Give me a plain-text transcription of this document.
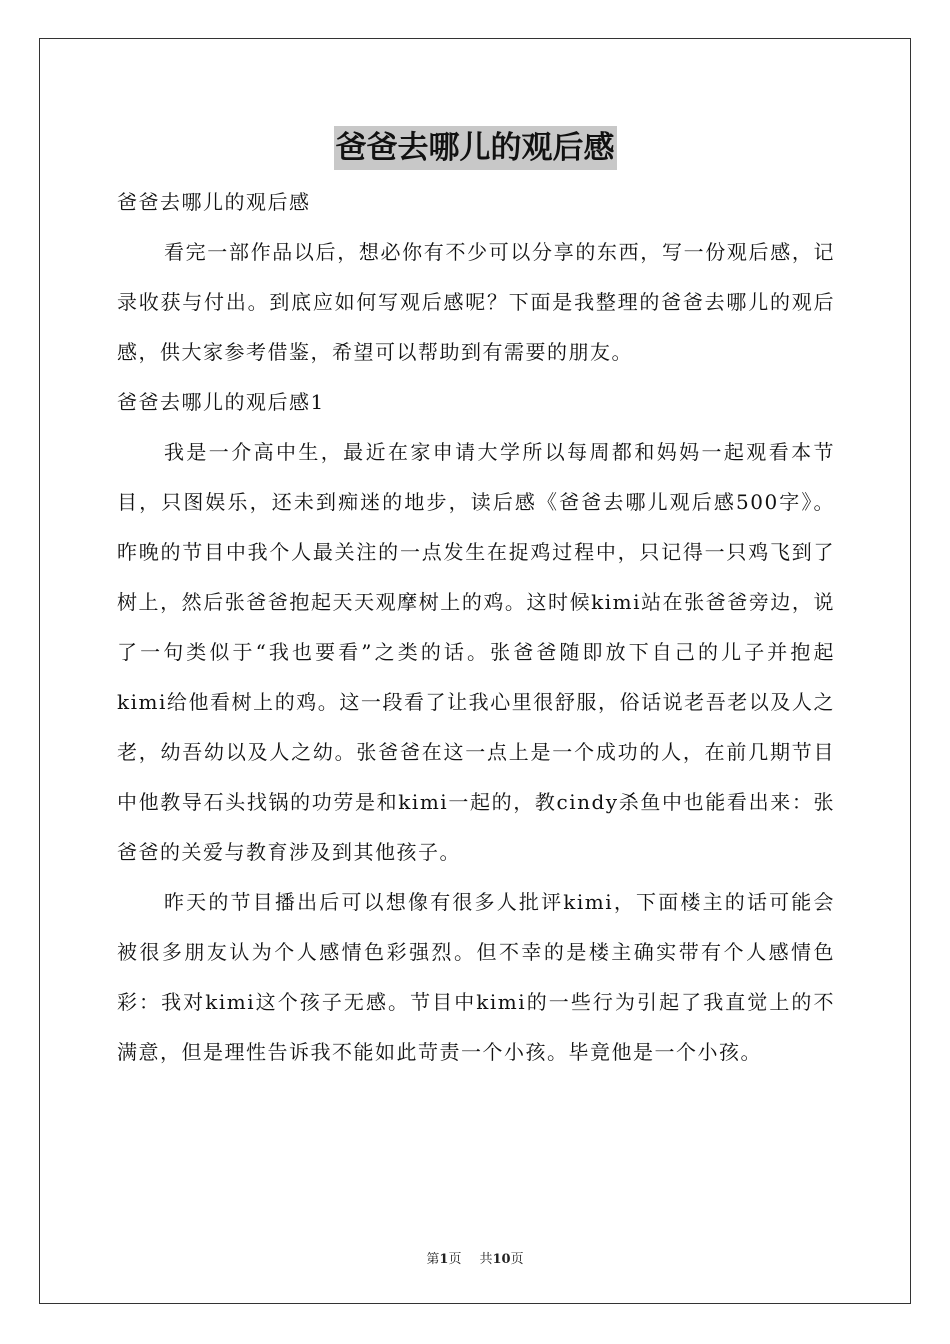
爸爸去哪儿的观后感

爸爸去哪儿的观后感

看完一部作品以后，想必你有不少可以分享的东西，写一份观后感，记录收获与付出。到底应如何写观后感呢？下面是我整理的爸爸去哪儿的观后感，供大家参考借鉴，希望可以帮助到有需要的朋友。

爸爸去哪儿的观后感1

我是一介高中生，最近在家申请大学所以每周都和妈妈一起观看本节目，只图娱乐，还未到痴迷的地步，读后感《爸爸去哪儿观后感500字》。昨晚的节目中我个人最关注的一点发生在捉鸡过程中，只记得一只鸡飞到了树上，然后张爸爸抱起天天观摩树上的鸡。这时候kimi站在张爸爸旁边，说了一句类似于“我也要看”之类的话。张爸爸随即放下自己的儿子并抱起kimi给他看树上的鸡。这一段看了让我心里很舒服，俗话说老吾老以及人之老，幼吾幼以及人之幼。张爸爸在这一点上是一个成功的人，在前几期节目中他教导石头找锅的功劳是和kimi一起的，教cindy杀鱼中也能看出来：张爸爸的关爱与教育涉及到其他孩子。

昨天的节目播出后可以想像有很多人批评kimi，下面楼主的话可能会被很多朋友认为个人感情色彩强烈。但不幸的是楼主确实带有个人感情色彩：我对kimi这个孩子无感。节目中kimi的一些行为引起了我直觉上的不满意，但是理性告诉我不能如此苛责一个小孩。毕竟他是一个小孩。

第1页 共10页
